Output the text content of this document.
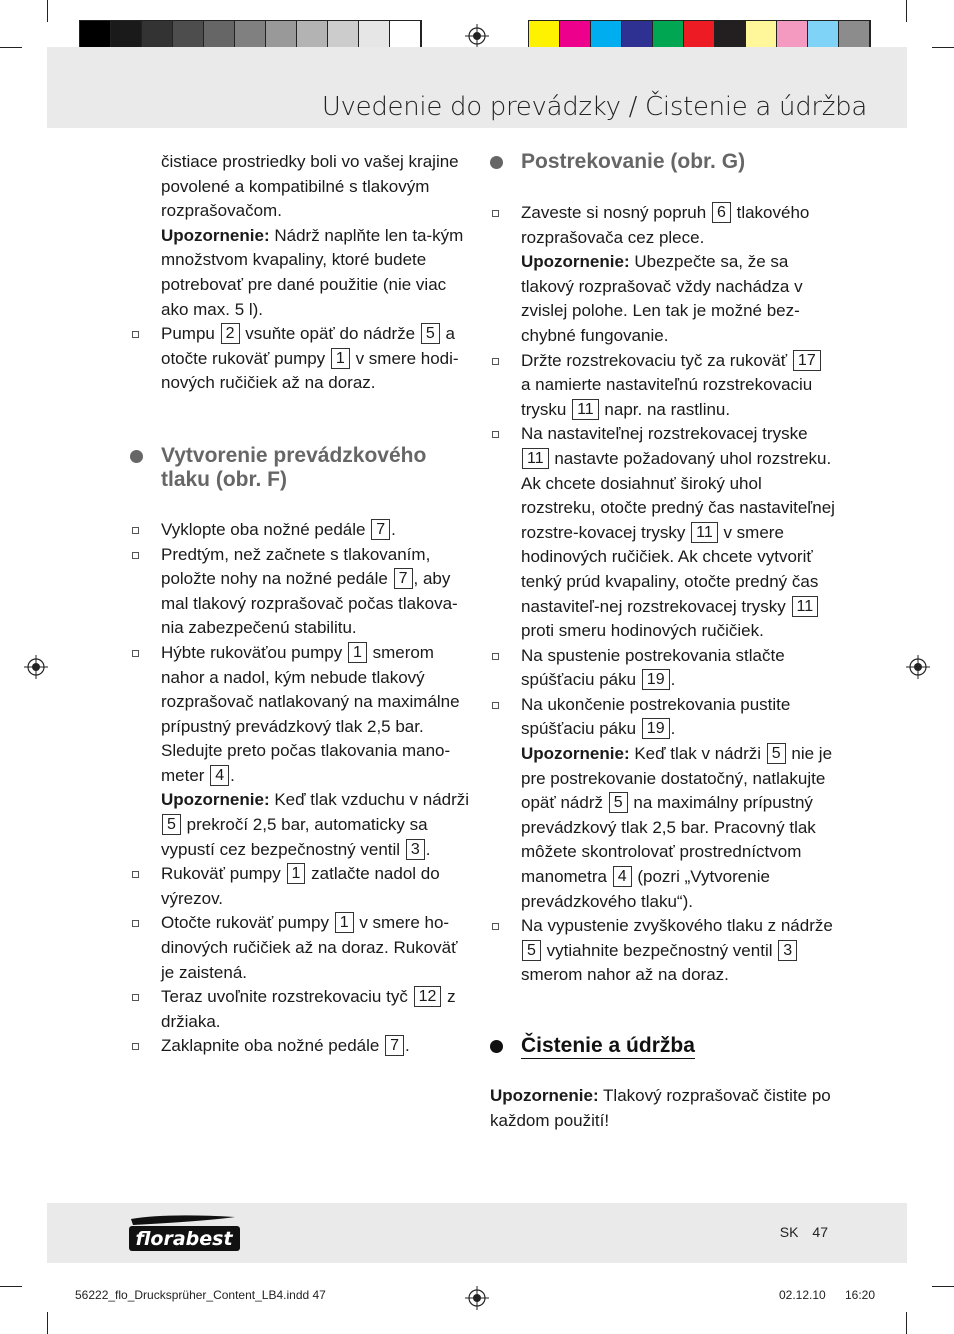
Uvedenie do prevádzky / Čistenie a údržba

čistiace prostriedky boli vo vašej krajine povolené a kompatibilné s tlakovým rozprašovačom.

Upozornenie: Nádrž naplňte len ta-kým množstvom kvapaliny, ktoré budete potrebovať pre dané použitie (nie viac ako max. 5 l).

Pumpu 2 vsuňte opäť do nádrže 5 a otočte rukoväť pumpy 1 v smere hodi-nových ručičiek až na doraz.
Vytvorenie prevádzkového tlaku (obr. F)
Vyklopte oba nožné pedále 7 .
Predtým, než začnete s tlakovaním, položte nohy na nožné pedále 7 , aby mal tlakový rozprašovač počas tlakova-nia zabezpečenú stabilitu.
Hýbte rukoväťou pumpy 1 smerom nahor a nadol, kým nebude tlakový rozprašovač natlakovaný na maximálne prípustný prevádzkový tlak 2,5 bar. Sledujte preto počas tlakovania mano-meter 4 .
Upozornenie: Keď tlak vzduchu v nádrži 5 prekročí 2,5 bar, automaticky sa vypustí cez bezpečnostný ventil 3 .
Rukoväť pumpy 1 zatlačte nadol do výrezov.
Otočte rukoväť pumpy 1 v smere ho-dinových ručičiek až na doraz. Rukoväť je zaistená.
Teraz uvoľnite rozstrekovaciu tyč 12 z držiaka.
Zaklapnite oba nožné pedále 7 .
Postrekovanie (obr. G)
Zaveste si nosný popruh 6 tlakového rozprašovača cez plece.
Upozornenie: Ubezpečte sa, že sa tlakový rozprašovač vždy nachádza v zvislej polohe. Len tak je možné bez-chybné fungovanie.
Držte rozstrekovaciu tyč za rukoväť 17 a namierte nastaviteľnú rozstrekovaciu trysku 11 napr. na rastlinu.
Na nastaviteľnej rozstrekovacej tryske 11 nastavte požadovaný uhol rozstreku. Ak chcete dosiahnuť široký uhol rozstreku, otočte predný čas nastaviteľnej rozstre-kovacej trysky 11 v smere hodinových ručičiek. Ak chcete vytvoriť tenký prúd kvapaliny, otočte predný čas nastaviteľ-nej rozstrekovacej trysky 11 proti smeru hodinových ručičiek.
Na spustenie postrekovania stlačte spúšťaciu páku 19 .
Na ukončenie postrekovania pustite spúšťaciu páku 19 .
Upozornenie: Keď tlak v nádrži 5 nie je pre postrekovanie dostatočný, natlakujte opäť nádrž 5 na maximálny prípustný prevádzkový tlak 2,5 bar. Pracovný tlak môžete skontrolovať prostredníctvom manometra 4 (pozri „Vytvorenie prevádzkového tlaku“).
Na vypustenie zvyškového tlaku z nádrže 5 vytiahnite bezpečnostný ventil 3 smerom nahor až na doraz.
Čistenie a údržba

Upozornenie: Tlakový rozprašovač čistite po každom použití!

florabest	SK 47
56222_flo_Drucksprüher_Content_LB4.indd 47	02.12.10 16:20
